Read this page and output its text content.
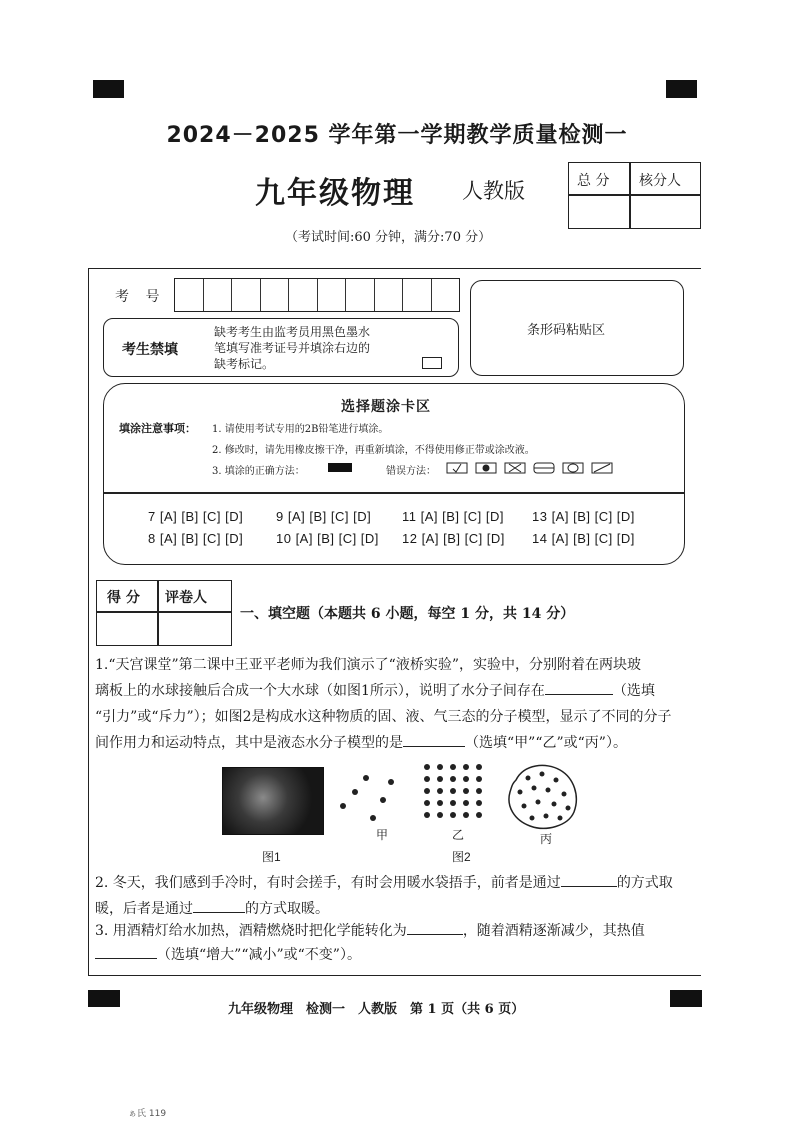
2024－2025 学年第一学期教学质量检测一
九年级物理 人教版
（考试时间:60 分钟，满分:70 分）
总 分 核分人
考 号
考生禁填
缺考考生由监考员用黑色墨水
笔填写准考证号并填涂右边的
缺考标记。
条形码粘贴区
选择题涂卡区
填涂注意事项： 1. 请使用考试专用的2B铅笔进行填涂。
2. 修改时，请先用橡皮擦干净，再重新填涂，不得使用修正带或涂改液。
3. 填涂的正确方法：	错误方法：
7 [A] [B] [C] [D]	9 [A] [B] [C] [D] 11 [A] [B] [C] [D] 13 [A] [B] [C] [D]
8 [A] [B] [C] [D]	10 [A] [B] [C] [D] 12 [A] [B] [C] [D] 14 [A] [B] [C] [D]
得 分 评卷人
一、填空题（本题共 6 小题，每空 1 分，共 14 分）
1.“天宫课堂”第二课中王亚平老师为我们演示了“液桥实验”，实验中，分别附着在两块玻
璃板上的水球接触后合成一个大水球（如图1所示），说明了水分子间存在	（选填
“引力”或“斥力”）；如图2是构成水这种物质的固、液、气三态的分子模型，显示了不同的分子
间作用力和运动特点，其中是液态水分子模型的是	（选填“甲”“乙”或“丙”）。
图1
甲	乙	丙
图2
2. 冬天，我们感到手冷时，有时会搓手，有时会用暖水袋捂手，前者是通过	的方式取
暖，后者是通过	的方式取暖。
3. 用酒精灯给水加热，酒精燃烧时把化学能转化为	，随着酒精逐渐减少，其热值
（选填“增大”“减小”或“不变”）。
九年级物理　检测一　人教版　第 1 页（共 6 页）
ぁ氏 119
